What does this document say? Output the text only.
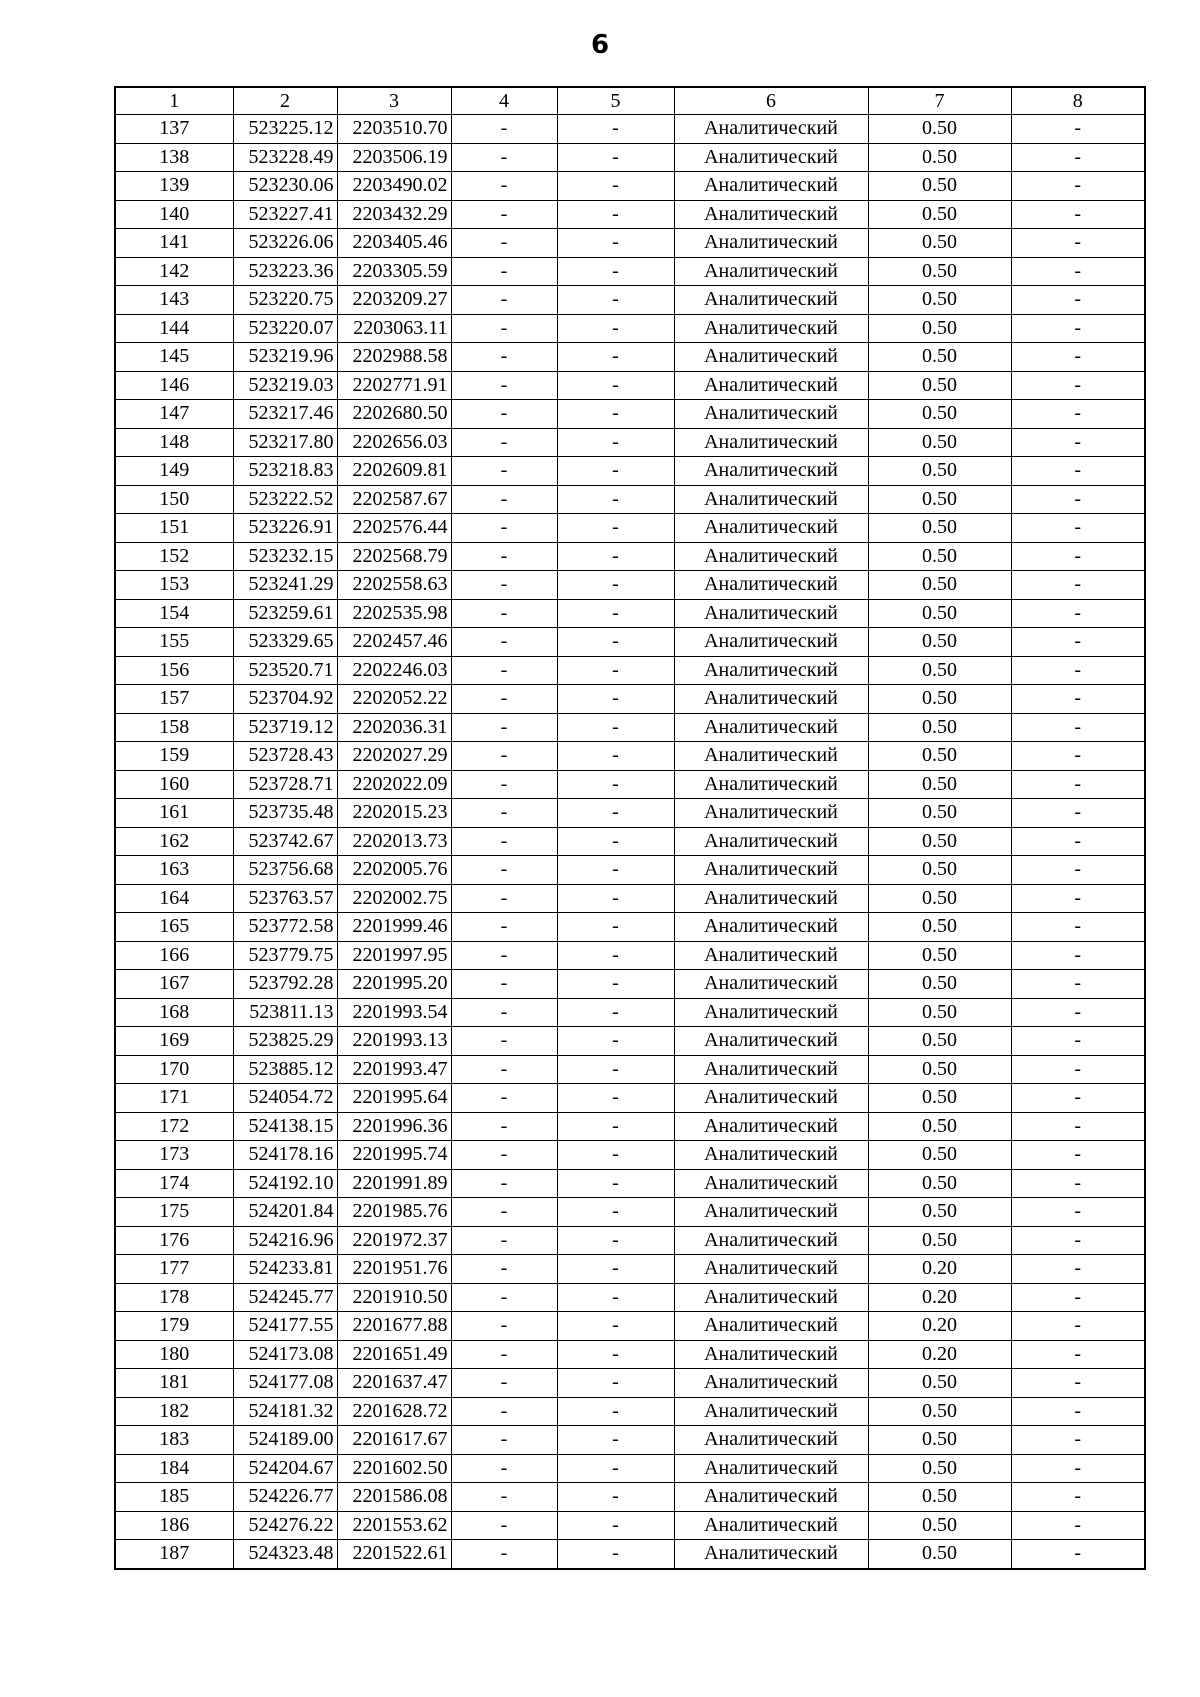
6
1	2	3	4	5	6	7	8
137	523225.12	2203510.70	-	-	Аналитический	0.50	-
138	523228.49	2203506.19	-	-	Аналитический	0.50	-
139	523230.06	2203490.02	-	-	Аналитический	0.50	-
140	523227.41	2203432.29	-	-	Аналитический	0.50	-
141	523226.06	2203405.46	-	-	Аналитический	0.50	-
142	523223.36	2203305.59	-	-	Аналитический	0.50	-
143	523220.75	2203209.27	-	-	Аналитический	0.50	-
144	523220.07	2203063.11	-	-	Аналитический	0.50	-
145	523219.96	2202988.58	-	-	Аналитический	0.50	-
146	523219.03	2202771.91	-	-	Аналитический	0.50	-
147	523217.46	2202680.50	-	-	Аналитический	0.50	-
148	523217.80	2202656.03	-	-	Аналитический	0.50	-
149	523218.83	2202609.81	-	-	Аналитический	0.50	-
150	523222.52	2202587.67	-	-	Аналитический	0.50	-
151	523226.91	2202576.44	-	-	Аналитический	0.50	-
152	523232.15	2202568.79	-	-	Аналитический	0.50	-
153	523241.29	2202558.63	-	-	Аналитический	0.50	-
154	523259.61	2202535.98	-	-	Аналитический	0.50	-
155	523329.65	2202457.46	-	-	Аналитический	0.50	-
156	523520.71	2202246.03	-	-	Аналитический	0.50	-
157	523704.92	2202052.22	-	-	Аналитический	0.50	-
158	523719.12	2202036.31	-	-	Аналитический	0.50	-
159	523728.43	2202027.29	-	-	Аналитический	0.50	-
160	523728.71	2202022.09	-	-	Аналитический	0.50	-
161	523735.48	2202015.23	-	-	Аналитический	0.50	-
162	523742.67	2202013.73	-	-	Аналитический	0.50	-
163	523756.68	2202005.76	-	-	Аналитический	0.50	-
164	523763.57	2202002.75	-	-	Аналитический	0.50	-
165	523772.58	2201999.46	-	-	Аналитический	0.50	-
166	523779.75	2201997.95	-	-	Аналитический	0.50	-
167	523792.28	2201995.20	-	-	Аналитический	0.50	-
168	523811.13	2201993.54	-	-	Аналитический	0.50	-
169	523825.29	2201993.13	-	-	Аналитический	0.50	-
170	523885.12	2201993.47	-	-	Аналитический	0.50	-
171	524054.72	2201995.64	-	-	Аналитический	0.50	-
172	524138.15	2201996.36	-	-	Аналитический	0.50	-
173	524178.16	2201995.74	-	-	Аналитический	0.50	-
174	524192.10	2201991.89	-	-	Аналитический	0.50	-
175	524201.84	2201985.76	-	-	Аналитический	0.50	-
176	524216.96	2201972.37	-	-	Аналитический	0.50	-
177	524233.81	2201951.76	-	-	Аналитический	0.20	-
178	524245.77	2201910.50	-	-	Аналитический	0.20	-
179	524177.55	2201677.88	-	-	Аналитический	0.20	-
180	524173.08	2201651.49	-	-	Аналитический	0.20	-
181	524177.08	2201637.47	-	-	Аналитический	0.50	-
182	524181.32	2201628.72	-	-	Аналитический	0.50	-
183	524189.00	2201617.67	-	-	Аналитический	0.50	-
184	524204.67	2201602.50	-	-	Аналитический	0.50	-
185	524226.77	2201586.08	-	-	Аналитический	0.50	-
186	524276.22	2201553.62	-	-	Аналитический	0.50	-
187	524323.48	2201522.61	-	-	Аналитический	0.50	-
